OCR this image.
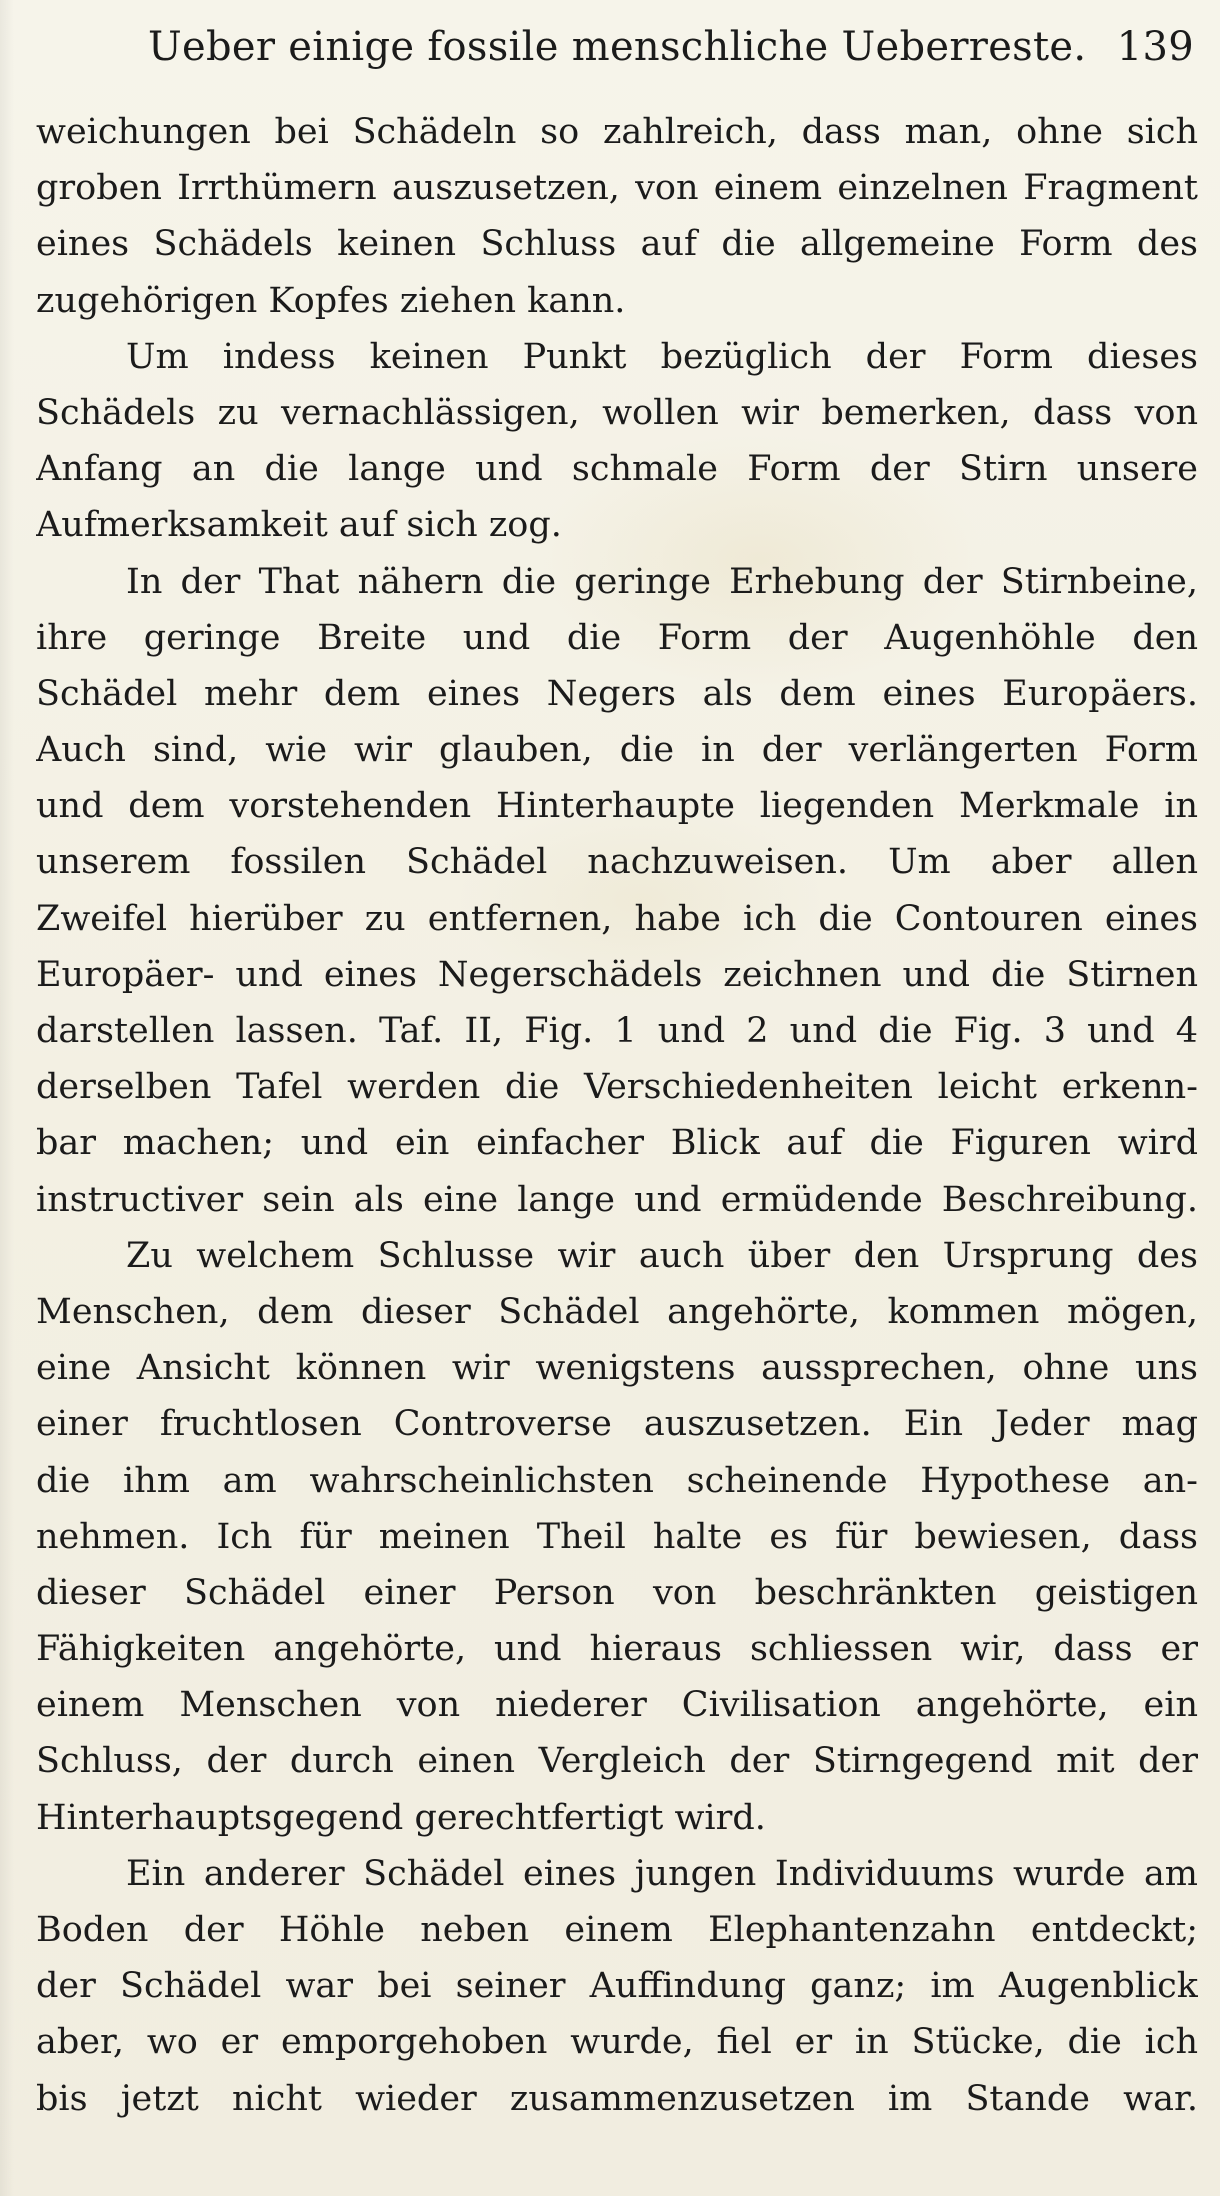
Ueber einige fossile menschliche Ueberreste. 139
weichungen bei Schädeln so zahlreich, dass man, ohne sich
groben Irrthümern auszusetzen, von einem einzelnen Fragment
eines Schädels keinen Schluss auf die allgemeine Form des
zugehörigen Kopfes ziehen kann.
Um indess keinen Punkt bezüglich der Form dieses
Schädels zu vernachlässigen, wollen wir bemerken, dass von
Anfang an die lange und schmale Form der Stirn unsere
Aufmerksamkeit auf sich zog.
In der That nähern die geringe Erhebung der Stirnbeine,
ihre geringe Breite und die Form der Augenhöhle den
Schädel mehr dem eines Negers als dem eines Europäers.
Auch sind, wie wir glauben, die in der verlängerten Form
und dem vorstehenden Hinterhaupte liegenden Merkmale in
unserem fossilen Schädel nachzuweisen. Um aber allen
Zweifel hierüber zu entfernen, habe ich die Contouren eines
Europäer- und eines Negerschädels zeichnen und die Stirnen
darstellen lassen. Taf. II, Fig. 1 und 2 und die Fig. 3 und 4
derselben Tafel werden die Verschiedenheiten leicht erkenn-
bar machen; und ein einfacher Blick auf die Figuren wird
instructiver sein als eine lange und ermüdende Beschreibung.
Zu welchem Schlusse wir auch über den Ursprung des
Menschen, dem dieser Schädel angehörte, kommen mögen,
eine Ansicht können wir wenigstens aussprechen, ohne uns
einer fruchtlosen Controverse auszusetzen. Ein Jeder mag
die ihm am wahrscheinlichsten scheinende Hypothese an-
nehmen. Ich für meinen Theil halte es für bewiesen, dass
dieser Schädel einer Person von beschränkten geistigen
Fähigkeiten angehörte, und hieraus schliessen wir, dass er
einem Menschen von niederer Civilisation angehörte, ein
Schluss, der durch einen Vergleich der Stirngegend mit der
Hinterhauptsgegend gerechtfertigt wird.
Ein anderer Schädel eines jungen Individuums wurde am
Boden der Höhle neben einem Elephantenzahn entdeckt;
der Schädel war bei seiner Auffindung ganz; im Augenblick
aber, wo er emporgehoben wurde, fiel er in Stücke, die ich
bis jetzt nicht wieder zusammenzusetzen im Stande war.
